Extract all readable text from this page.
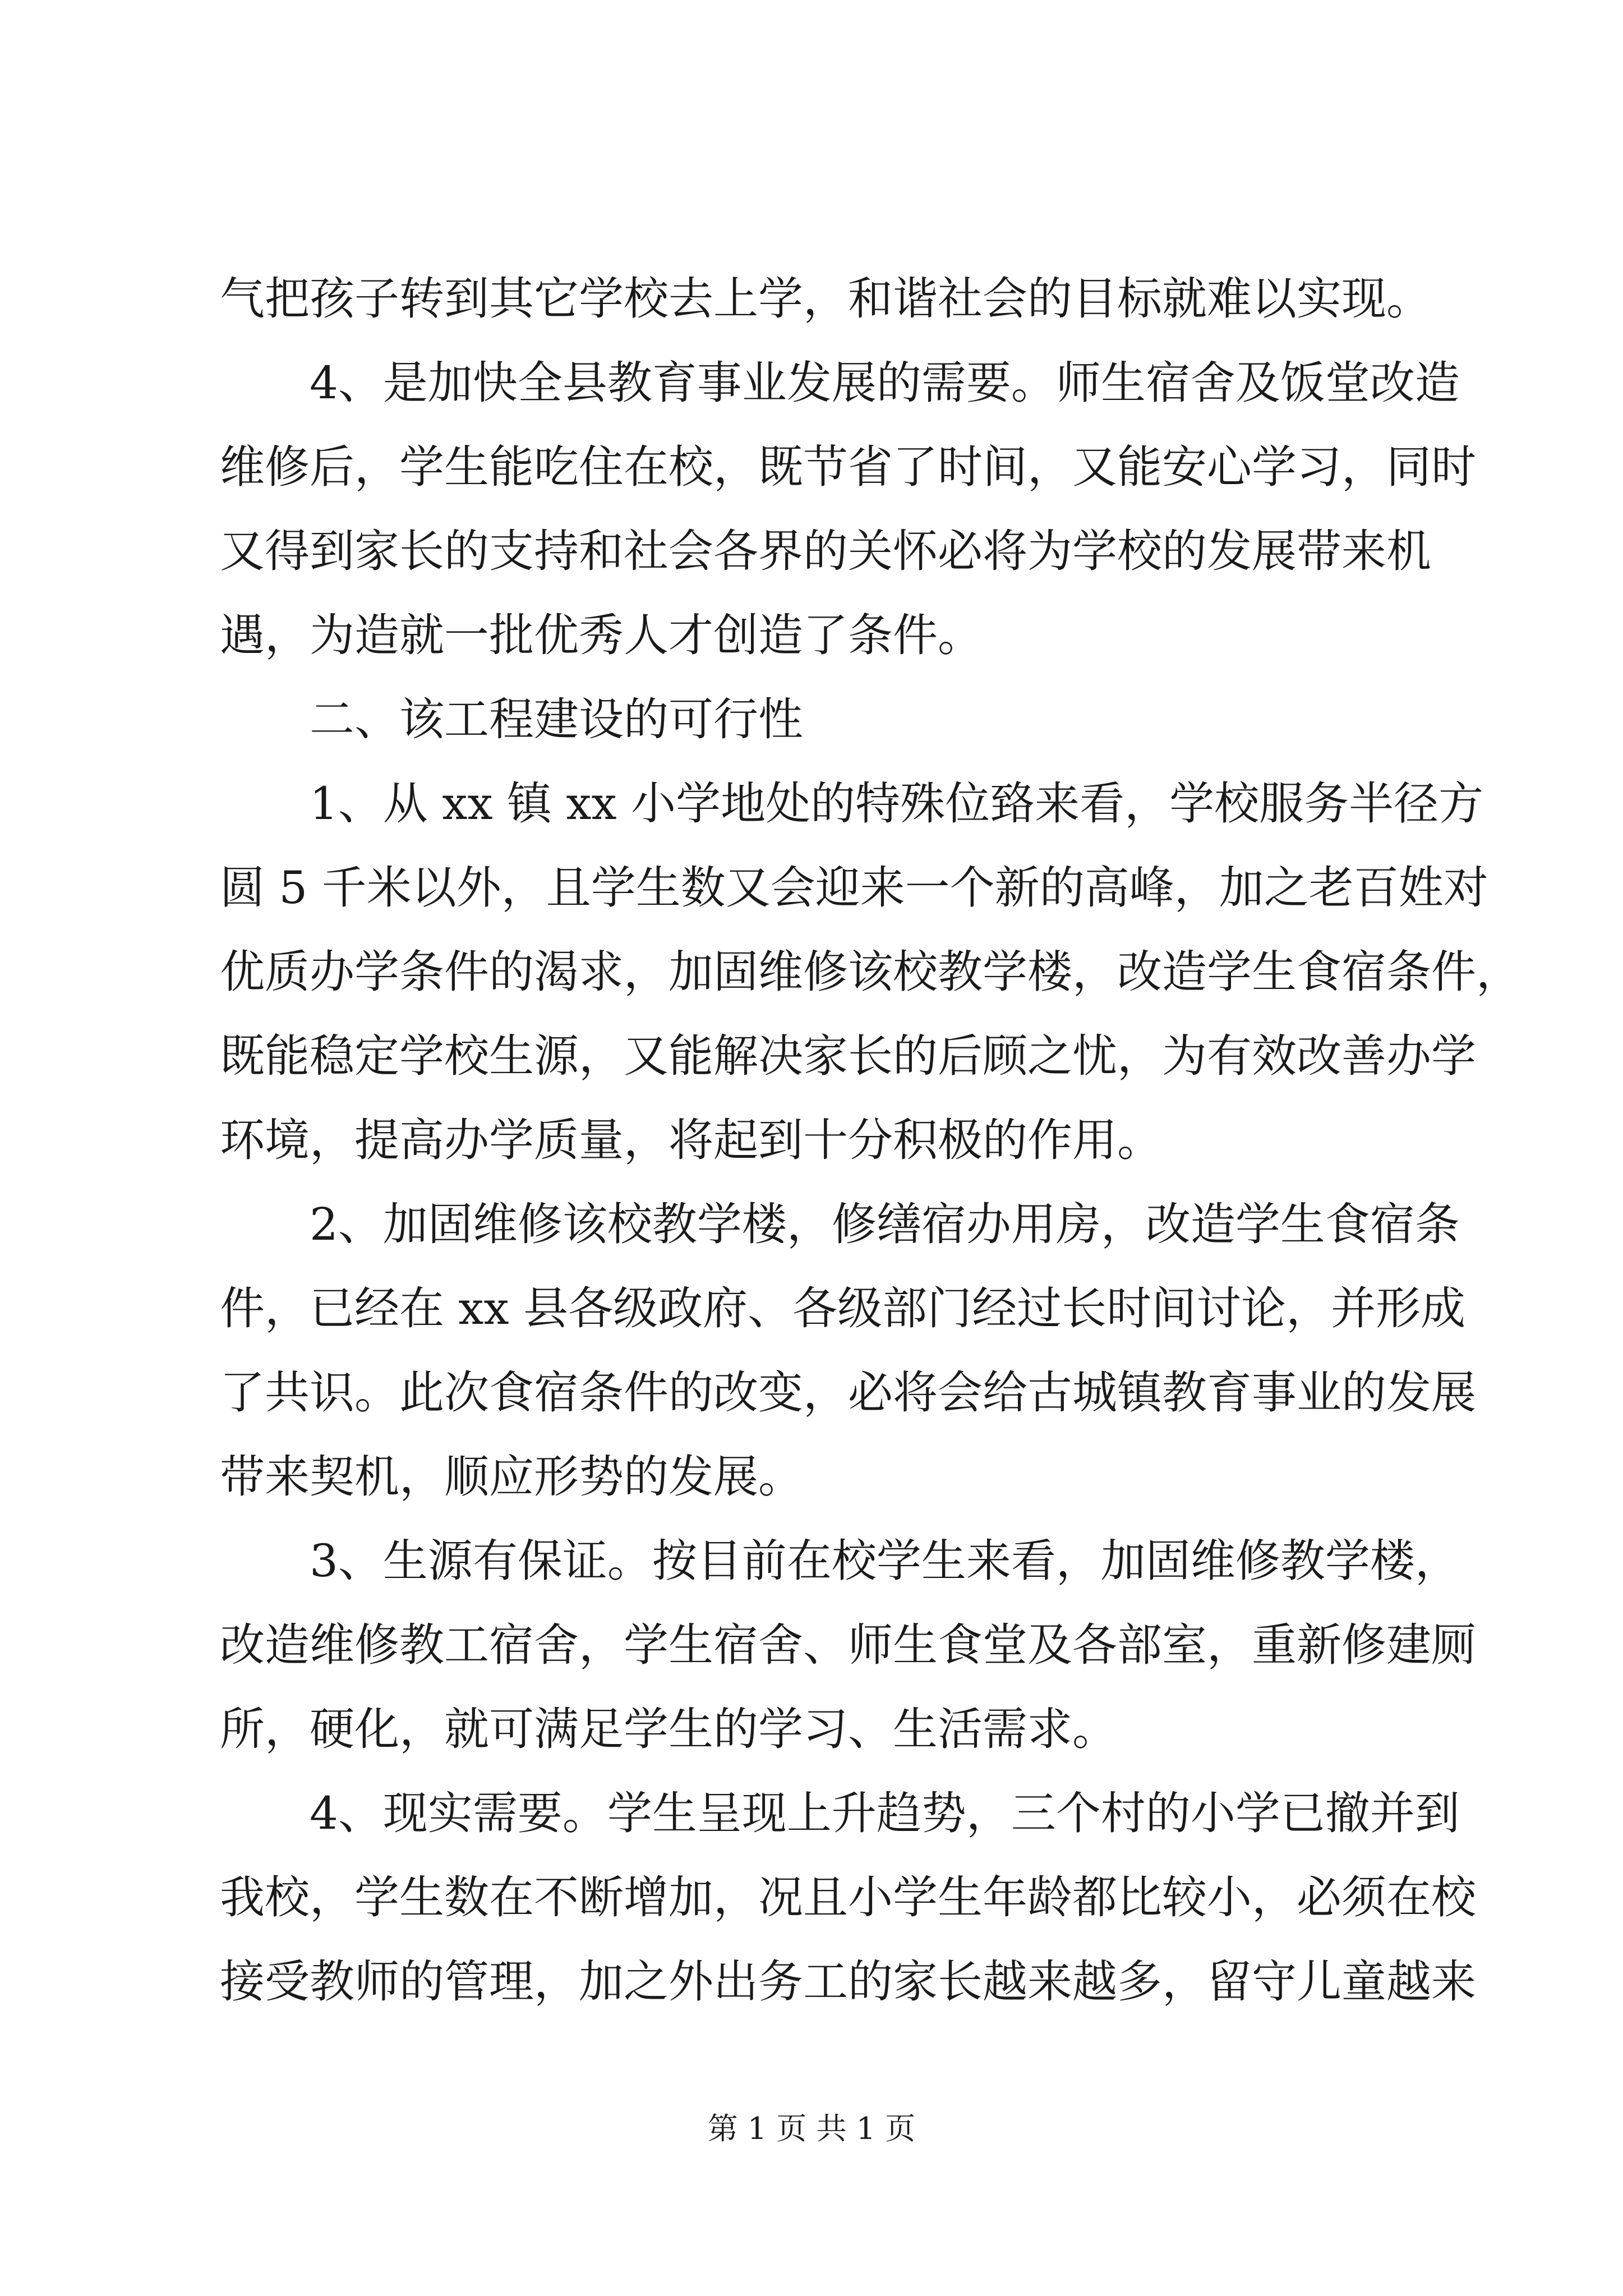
气把孩子转到其它学校去上学，和谐社会的目标就难以实现。
4、是加快全县教育事业发展的需要。师生宿舍及饭堂改造
维修后，学生能吃住在校，既节省了时间，又能安心学习，同时
又得到家长的支持和社会各界的关怀必将为学校的发展带来机
遇，为造就一批优秀人才创造了条件。
二、该工程建设的可行性
1、从 xx 镇 xx 小学地处的特殊位臵来看，学校服务半径方
圆 5 千米以外，且学生数又会迎来一个新的高峰，加之老百姓对
优质办学条件的渴求，加固维修该校教学楼，改造学生食宿条件，
既能稳定学校生源，又能解决家长的后顾之忧，为有效改善办学
环境，提高办学质量，将起到十分积极的作用。
2、加固维修该校教学楼，修缮宿办用房，改造学生食宿条
件，已经在 xx 县各级政府、各级部门经过长时间讨论，并形成
了共识。此次食宿条件的改变，必将会给古城镇教育事业的发展
带来契机，顺应形势的发展。
3、生源有保证。按目前在校学生来看，加固维修教学楼，
改造维修教工宿舍，学生宿舍、师生食堂及各部室，重新修建厕
所，硬化，就可满足学生的学习、生活需求。
4、现实需要。学生呈现上升趋势，三个村的小学已撤并到
我校，学生数在不断增加，况且小学生年龄都比较小，必须在校
接受教师的管理，加之外出务工的家长越来越多，留守儿童越来
第 1 页 共 1 页
